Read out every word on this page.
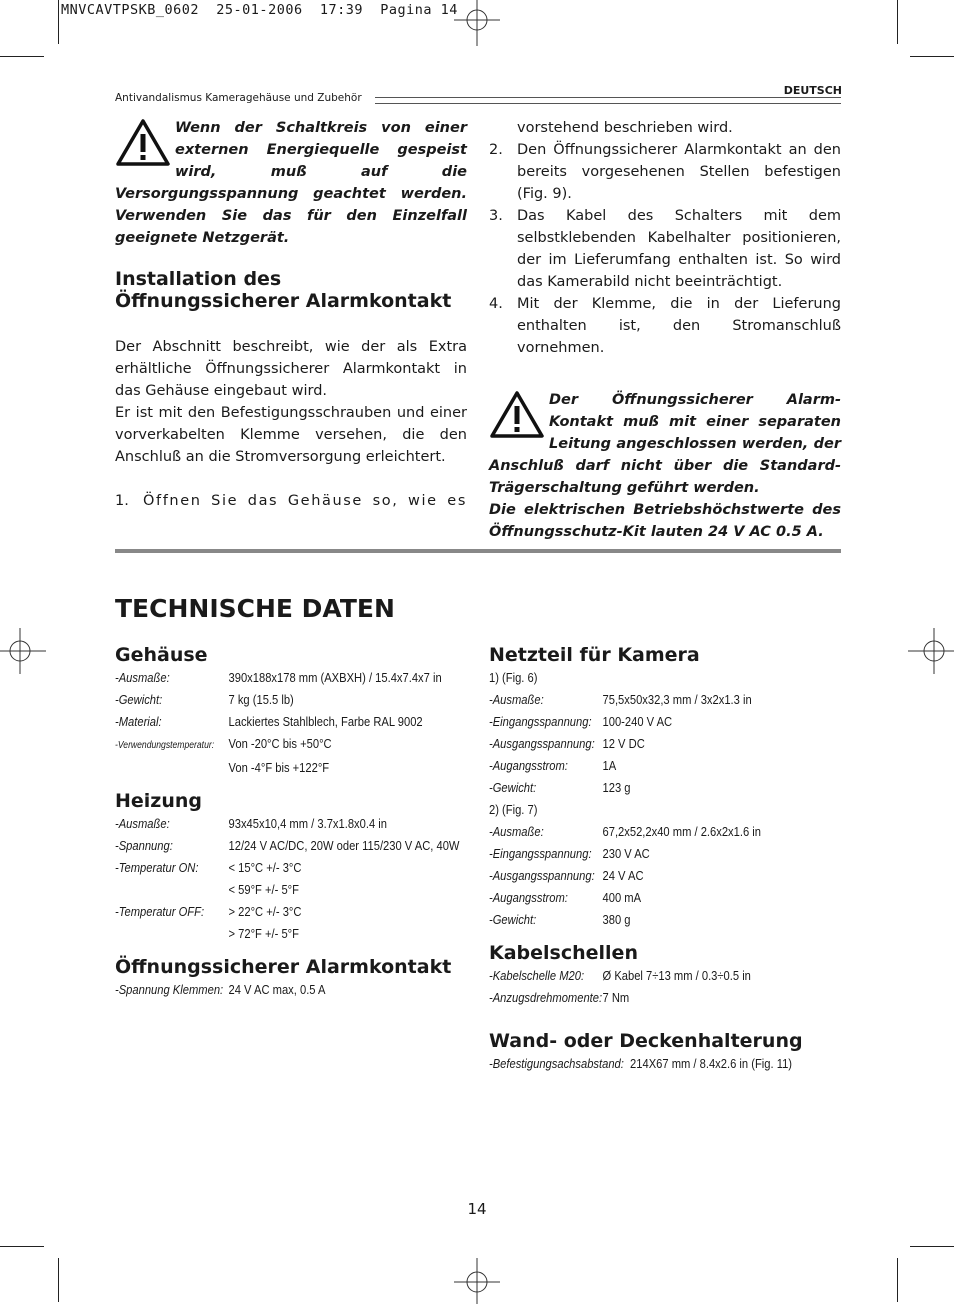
MNVCAVTPSKB_0602  25-01-2006  17:39  Pagina 14
Antivandalismus Kameragehäuse und Zubehör
DEUTSCH
Wenn der Schaltkreis von einer externen Energiequelle gespeist wird, muß auf die Versorgungsspannung geachtet werden. Verwenden Sie das für den Einzelfall geeignete Netzgerät.
Installation des Öffnungssicherer Alarmkontakt
Der Abschnitt beschreibt, wie der als Extra erhältliche Öffnungssicherer Alarmkontakt in das Gehäuse eingebaut wird.
Er ist mit den Befestigungsschrauben und einer vorverkabelten Klemme versehen, die den Anschluß an die Stromversorgung erleichtert.
1. Öffnen Sie das Gehäuse so, wie es
vorstehend beschrieben wird.
2. Den Öffnungssicherer Alarmkontakt an den bereits vorgesehenen Stellen befestigen (Fig. 9).
3. Das Kabel des Schalters mit dem selbstklebenden Kabelhalter positionieren, der im Lieferumfang enthalten ist. So wird das Kamerabild nicht beeinträchtigt.
4. Mit der Klemme, die in der Lieferung enthalten ist, den Stromanschluß vornehmen.
Der Öffnungssicherer Alarm-Kontakt muß mit einer separaten Leitung angeschlossen werden, der Anschluß darf nicht über die Standard-Trägerschaltung geführt werden.
Die elektrischen Betriebshöchstwerte des Öffnungsschutz-Kit lauten 24 V AC 0.5 A.
TECHNISCHE DATEN
Gehäuse
-Ausmaße:	390x188x178 mm (AXBXH) / 15.4x7.4x7 in
-Gewicht:	7 kg (15.5 lb)
-Material:	Lackiertes Stahlblech, Farbe RAL 9002
-Verwendungstemperatur: Von -20°C bis +50°C
Von -4°F bis +122°F
Heizung
-Ausmaße:	93x45x10,4 mm / 3.7x1.8x0.4 in
-Spannung:	12/24 V AC/DC, 20W oder 115/230 V AC, 40W
-Temperatur ON: < 15°C +/- 3°C
< 59°F +/- 5°F
-Temperatur OFF: > 22°C +/- 3°C
> 72°F +/- 5°F
Öffnungssicherer Alarmkontakt
-Spannung Klemmen: 24 V AC max, 0.5 A
Netzteil für Kamera
1) (Fig. 6)
-Ausmaße:	75,5x50x32,3 mm / 3x2x1.3 in
-Eingangsspannung: 100-240 V AC
-Ausgangsspannung: 12 V DC
-Augangsstrom:	1A
-Gewicht:	123 g
2) (Fig. 7)
-Ausmaße:	67,2x52,2x40 mm / 2.6x2x1.6 in
-Eingangsspannung: 230 V AC
-Ausgangsspannung: 24 V AC
-Augangsstrom:	400 mA
-Gewicht:	380 g
Kabelschellen
-Kabelschelle M20: Ø Kabel 7÷13 mm / 0.3÷0.5 in
-Anzugsdrehmomente:7 Nm
Wand- oder Deckenhalterung
-Befestigungsachsabstand: 214X67 mm / 8.4x2.6 in (Fig. 11)
14
